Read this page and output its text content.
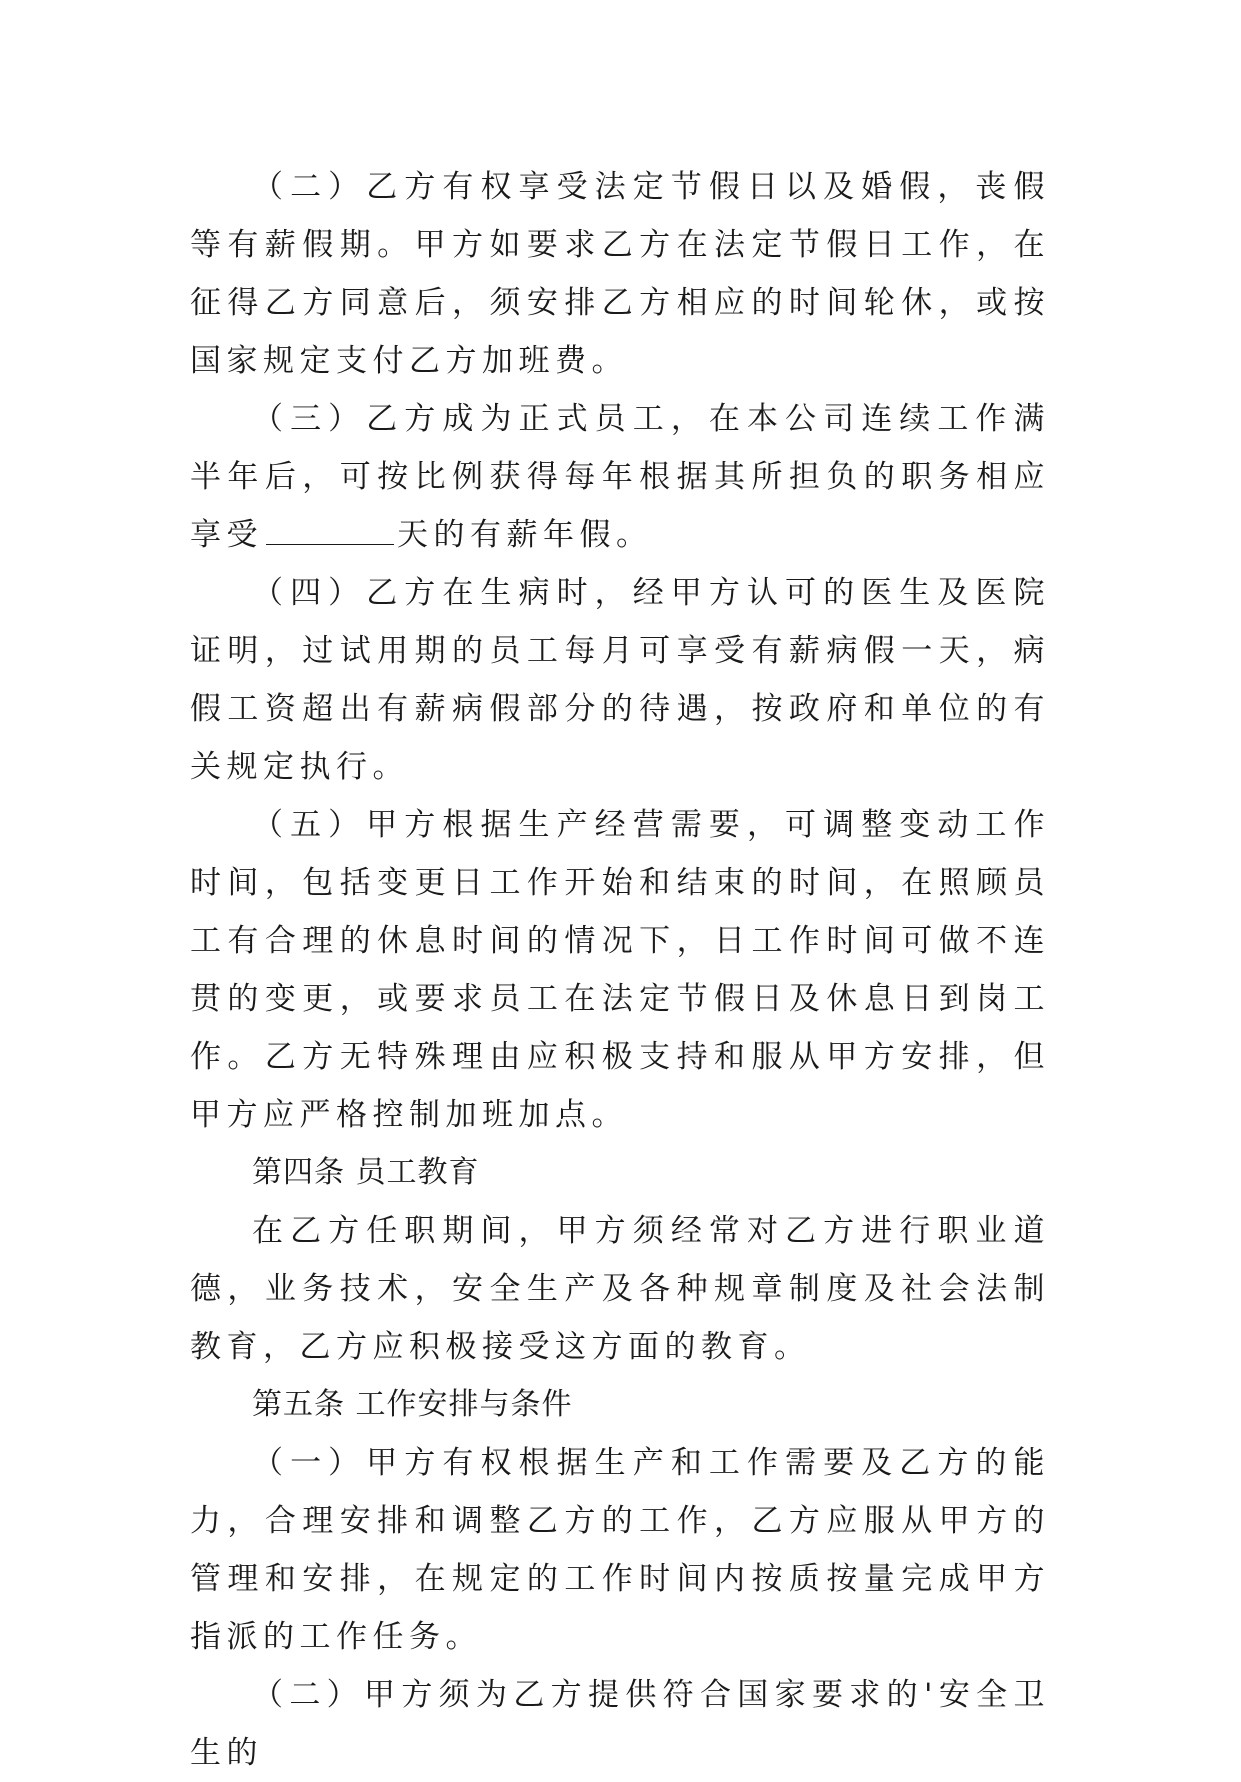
（二）乙方有权享受法定节假日以及婚假，丧假等有薪假期。甲方如要求乙方在法定节假日工作，在征得乙方同意后，须安排乙方相应的时间轮休，或按国家规定支付乙方加班费。

（三）乙方成为正式员工，在本公司连续工作满半年后，可按比例获得每年根据其所担负的职务相应享受	天的有薪年假。

（四）乙方在生病时，经甲方认可的医生及医院证明，过试用期的员工每月可享受有薪病假一天，病假工资超出有薪病假部分的待遇，按政府和单位的有关规定执行。

（五）甲方根据生产经营需要，可调整变动工作时间，包括变更日工作开始和结束的时间，在照顾员工有合理的休息时间的情况下，日工作时间可做不连贯的变更，或要求员工在法定节假日及休息日到岗工作。乙方无特殊理由应积极支持和服从甲方安排，但甲方应严格控制加班加点。

第四条 员工教育

在乙方任职期间，甲方须经常对乙方进行职业道德，业务技术，安全生产及各种规章制度及社会法制教育，乙方应积极接受这方面的教育。

第五条 工作安排与条件

（一）甲方有权根据生产和工作需要及乙方的能力，合理安排和调整乙方的工作，乙方应服从甲方的管理和安排，在规定的工作时间内按质按量完成甲方指派的工作任务。

（二）甲方须为乙方提供符合国家要求的'安全卫生的
